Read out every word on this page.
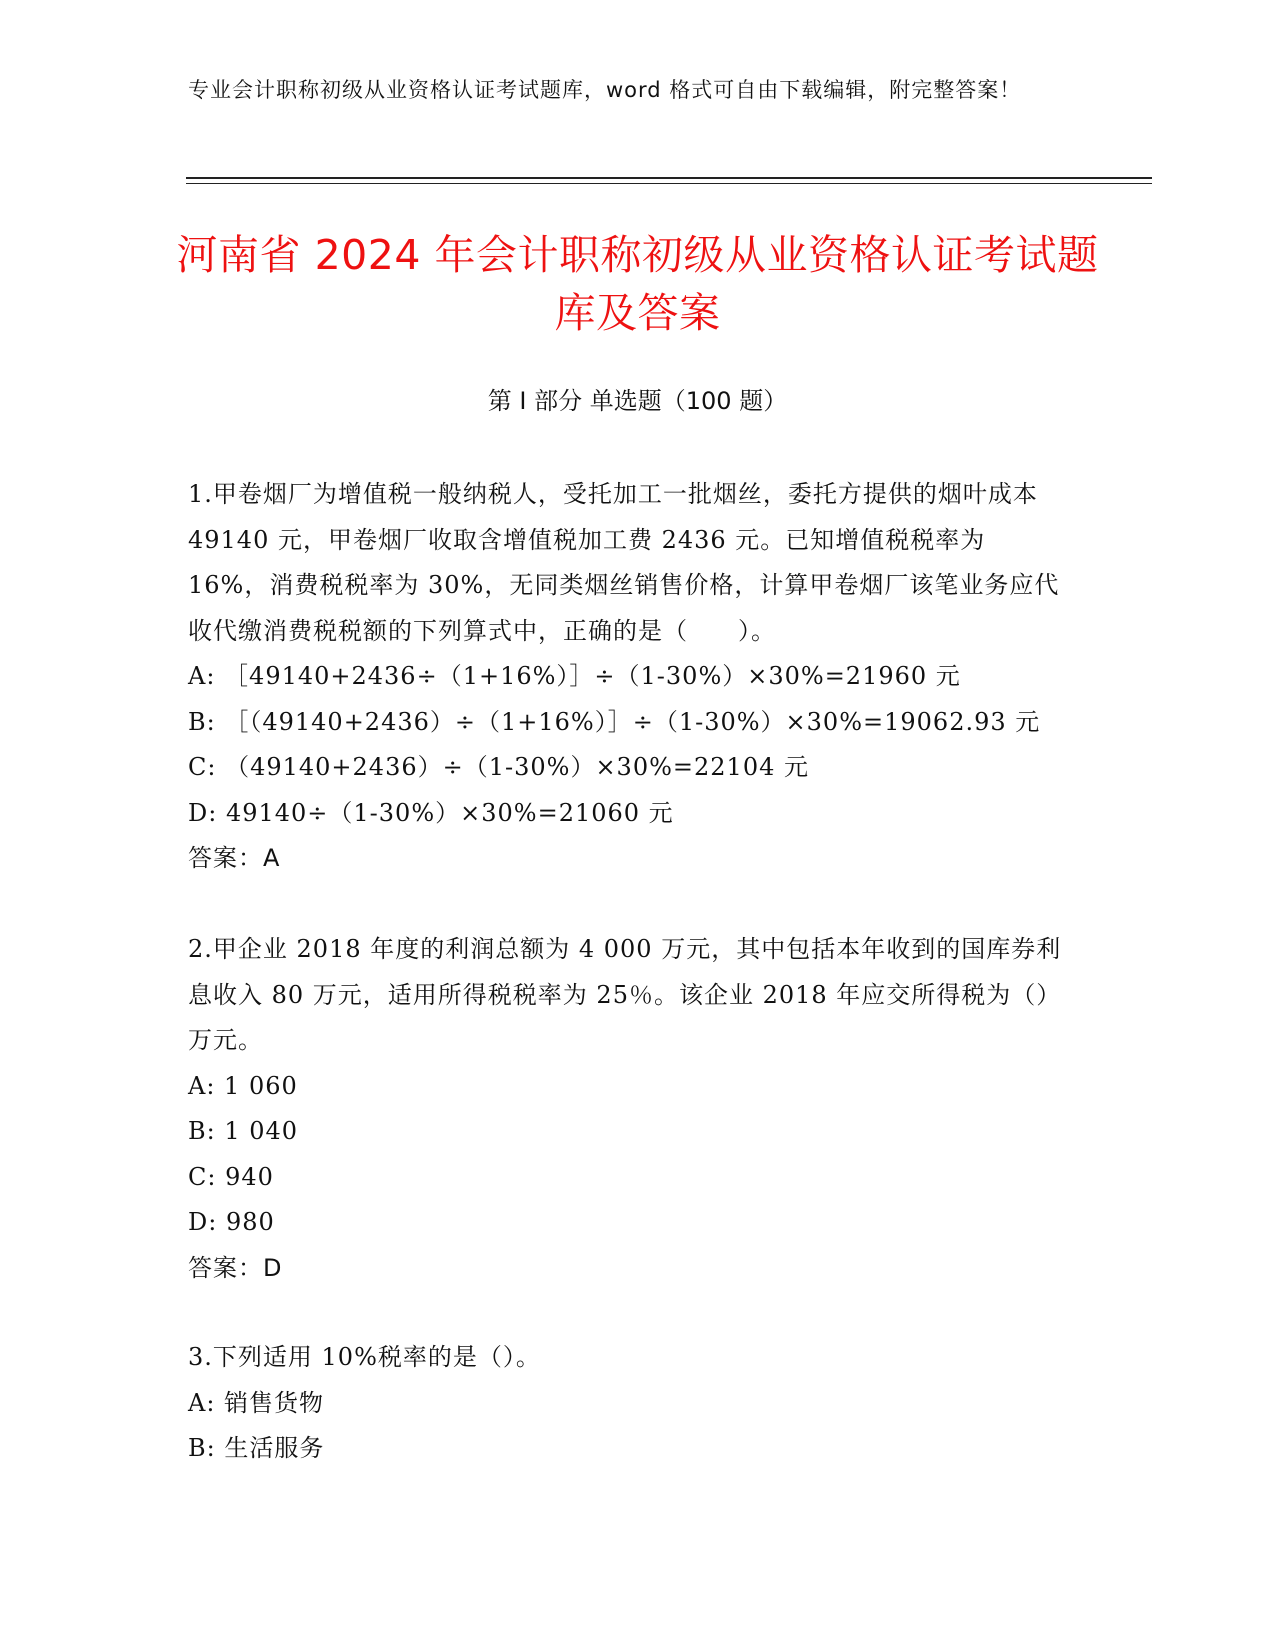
专业会计职称初级从业资格认证考试题库，word 格式可自由下载编辑，附完整答案！
河南省 2024 年会计职称初级从业资格认证考试题库及答案
第 I 部分 单选题（100 题）
1.甲卷烟厂为增值税一般纳税人，受托加工一批烟丝，委托方提供的烟叶成本 49140 元，甲卷烟厂收取含增值税加工费 2436 元。已知增值税税率为 16%，消费税税率为 30%，无同类烟丝销售价格，计算甲卷烟厂该笔业务应代收代缴消费税税额的下列算式中，正确的是（　　）。
A: ［49140+2436÷（1+16%）］÷（1-30%）×30%=21960 元
B: ［（49140+2436）÷（1+16%）］÷（1-30%）×30%=19062.93 元
C: （49140+2436）÷（1-30%）×30%=22104 元
D: 49140÷（1-30%）×30%=21060 元
答案：A
2.甲企业 2018 年度的利润总额为 4 000 万元，其中包括本年收到的国库券利息收入 80 万元，适用所得税税率为 25％。该企业 2018 年应交所得税为（）万元。
A: 1 060
B: 1 040
C: 940
D: 980
答案：D
3.下列适用 10%税率的是（）。
A: 销售货物
B: 生活服务
